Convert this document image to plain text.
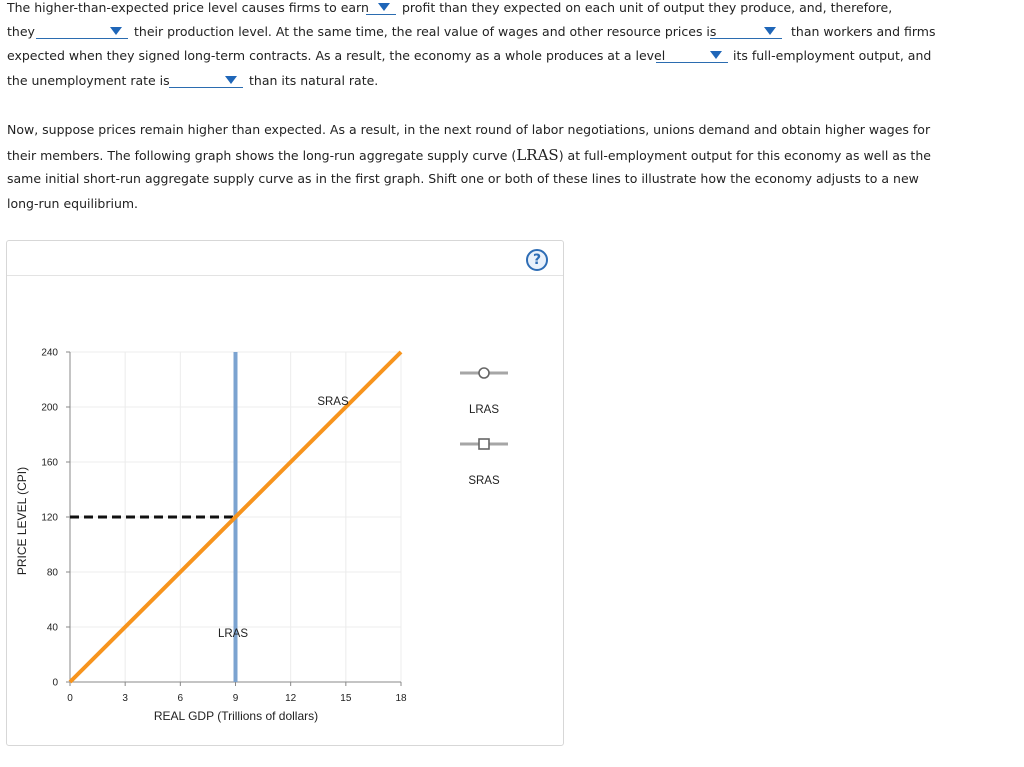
The higher-than-expected price level causes firms to earn	profit than they expected on each unit of output they produce, and, therefore,
they	their production level. At the same time, the real value of wages and other resource prices is	than workers and firms
expected when they signed long-term contracts. As a result, the economy as a whole produces at a level	its full-employment output, and
the unemployment rate is	than its natural rate.
Now, suppose prices remain higher than expected. As a result, in the next round of labor negotiations, unions demand and obtain higher wages for
their members. The following graph shows the long-run aggregate supply curve (LRAS) at full-employment output for this economy as well as the
same initial short-run aggregate supply curve as in the first graph. Shift one or both of these lines to illustrate how the economy adjusts to a new
long-run equilibrium.
?
0	3	6	9	12	15	18
0
40
80
120
160
200
240
PRICE LEVEL (CPI)
REAL GDP (Trillions of dollars)
SRAS
LRAS
LRAS
SRAS
